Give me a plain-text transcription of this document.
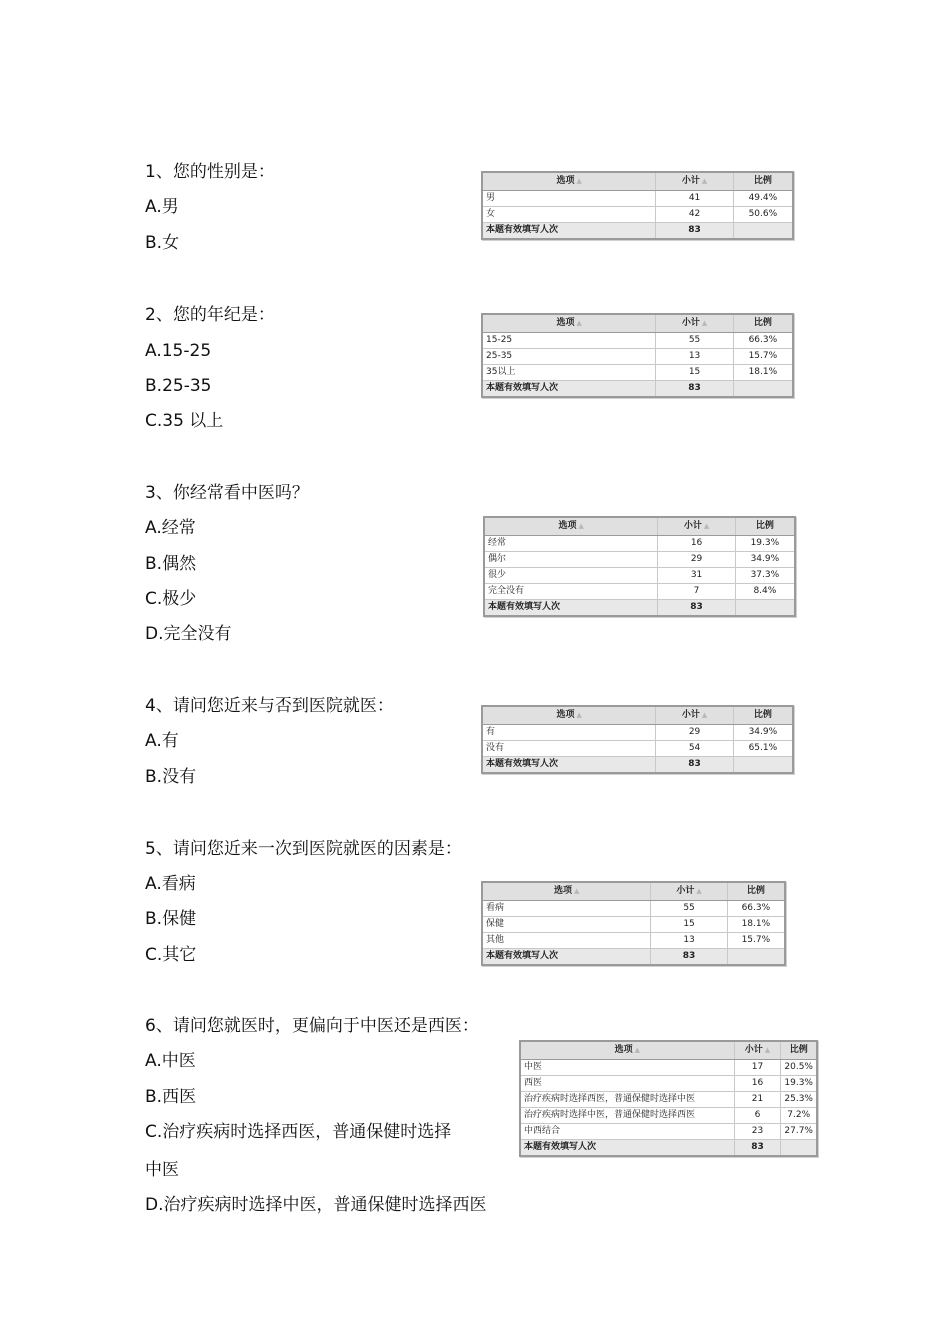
1、您的性别是：
A.男
B.女
选项 ▲	小计 ▲	比例
男	41	49.4%
女	42	50.6%
本题有效填写人次	83	
2、您的年纪是：
A.15-25
B.25-35
C.35 以上
选项 ▲	小计 ▲	比例
15-25	55	66.3%
25-35	13	15.7%
35以上	15	18.1%
本题有效填写人次	83	
3、你经常看中医吗？
A.经常
B.偶然
C.极少
D.完全没有
选项 ▲	小计 ▲	比例
经常	16	19.3%
偶尔	29	34.9%
很少	31	37.3%
完全没有	7	8.4%
本题有效填写人次	83	
4、请问您近来与否到医院就医：
A.有
B.没有
选项 ▲	小计 ▲	比例
有	29	34.9%
没有	54	65.1%
本题有效填写人次	83	
5、请问您近来一次到医院就医的因素是：
A.看病
B.保健
C.其它
选项 ▲	小计 ▲	比例
看病	55	66.3%
保健	15	18.1%
其他	13	15.7%
本题有效填写人次	83	
6、请问您就医时，更偏向于中医还是西医：
A.中医
B.西医
C.治疗疾病时选择西医，普通保健时选择
中医
D.治疗疾病时选择中医，普通保健时选择西医
选项 ▲	小计 ▲	比例
中医	17	20.5%
西医	16	19.3%
治疗疾病时选择西医，普通保健时选择中医	21	25.3%
治疗疾病时选择中医，普通保健时选择西医	6	7.2%
中西结合	23	27.7%
本题有效填写人次	83	
